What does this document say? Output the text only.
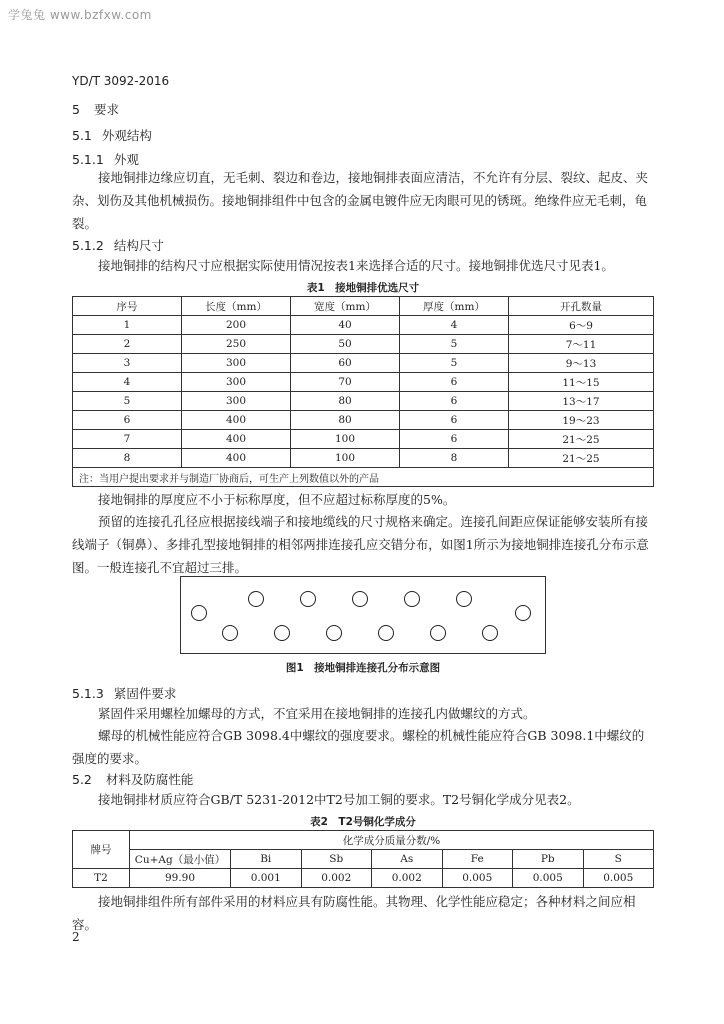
学兔兔 www.bzfxw.com
YD/T 3092-2016
5 要求
5.1 外观结构
5.1.1 外观
接地铜排边缘应切直，无毛刺、裂边和卷边，接地铜排表面应清洁，不允许有分层、裂纹、起皮、夹杂、划伤及其他机械损伤。接地铜排组件中包含的金属电镀件应无肉眼可见的锈斑。绝缘件应无毛刺，龟裂。
5.1.2 结构尺寸
接地铜排的结构尺寸应根据实际使用情况按表1来选择合适的尺寸。接地铜排优选尺寸见表1。
表1　接地铜排优选尺寸
序号	长度（mm）	宽度（mm）	厚度（mm）	开孔数量
1	200	40	4	6～9
2	250	50	5	7～11
3	300	60	5	9～13
4	300	70	6	11～15
5	300	80	6	13～17
6	400	80	6	19～23
7	400	100	6	21～25
8	400	100	8	21～25
注：当用户提出要求并与制造厂协商后，可生产上列数值以外的产品				
接地铜排的厚度应不小于标称厚度，但不应超过标称厚度的5%。
预留的连接孔孔径应根据接线端子和接地缆线的尺寸规格来确定。连接孔间距应保证能够安装所有接线端子（铜鼻）、多排孔型接地铜排的相邻两排连接孔应交错分布，如图1所示为接地铜排连接孔分布示意图。一般连接孔不宜超过三排。
图1　接地铜排连接孔分布示意图
5.1.3 紧固件要求
紧固件采用螺栓加螺母的方式，不宜采用在接地铜排的连接孔内做螺纹的方式。
螺母的机械性能应符合GB 3098.4中螺纹的强度要求。螺栓的机械性能应符合GB 3098.1中螺纹的强度的要求。
5.2 材料及防腐性能
接地铜排材质应符合GB/T 5231-2012中T2号加工铜的要求。T2号铜化学成分见表2。
表2　T2号铜化学成分
牌号	化学成分质量分数/%						
	Cu+Ag（最小值）	Bi	Sb	As	Fe	Pb	S
T2	99.90	0.001	0.002	0.002	0.005	0.005	0.005
接地铜排组件所有部件采用的材料应具有防腐性能。其物理、化学性能应稳定；各种材料之间应相容。
2
